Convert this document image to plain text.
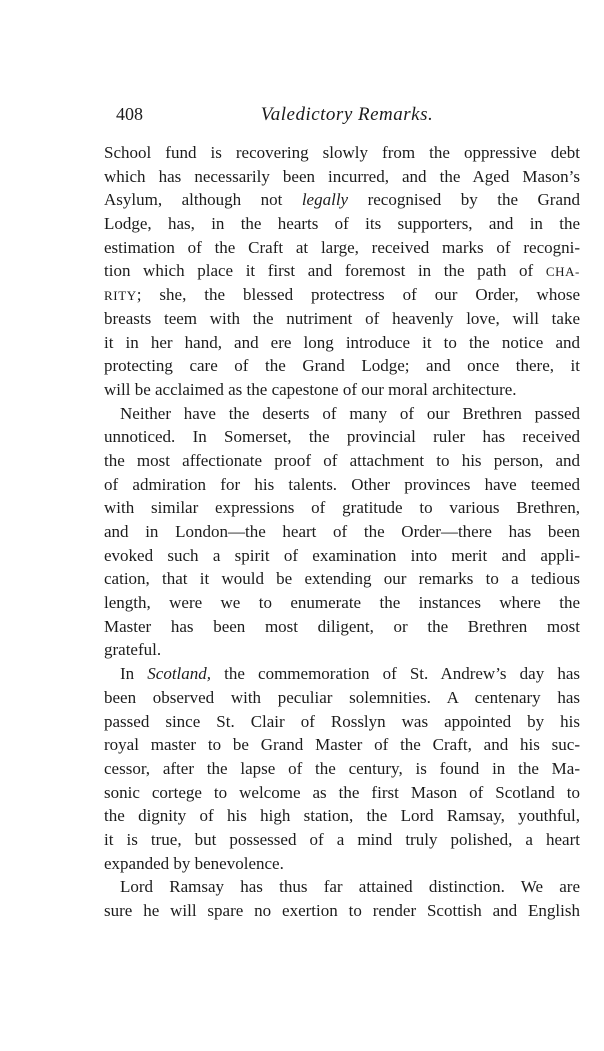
408	Valedictory Remarks.
School fund is recovering slowly from the oppressive debt
which has necessarily been incurred, and the Aged Mason’s
Asylum, although not legally recognised by the Grand
Lodge, has, in the hearts of its supporters, and in the
estimation of the Craft at large, received marks of recogni-
tion which place it first and foremost in the path of CHA-
RITY; she, the blessed protectress of our Order, whose
breasts teem with the nutriment of heavenly love, will take
it in her hand, and ere long introduce it to the notice and
protecting care of the Grand Lodge; and once there, it
will be acclaimed as the capestone of our moral architecture.
Neither have the deserts of many of our Brethren passed
unnoticed. In Somerset, the provincial ruler has received
the most affectionate proof of attachment to his person, and
of admiration for his talents. Other provinces have teemed
with similar expressions of gratitude to various Brethren,
and in London—the heart of the Order—there has been
evoked such a spirit of examination into merit and appli-
cation, that it would be extending our remarks to a tedious
length, were we to enumerate the instances where the
Master has been most diligent, or the Brethren most
grateful.
In Scotland, the commemoration of St. Andrew’s day has
been observed with peculiar solemnities. A centenary has
passed since St. Clair of Rosslyn was appointed by his
royal master to be Grand Master of the Craft, and his suc-
cessor, after the lapse of the century, is found in the Ma-
sonic cortege to welcome as the first Mason of Scotland to
the dignity of his high station, the Lord Ramsay, youthful,
it is true, but possessed of a mind truly polished, a heart
expanded by benevolence.
Lord Ramsay has thus far attained distinction. We are
sure he will spare no exertion to render Scottish and English
